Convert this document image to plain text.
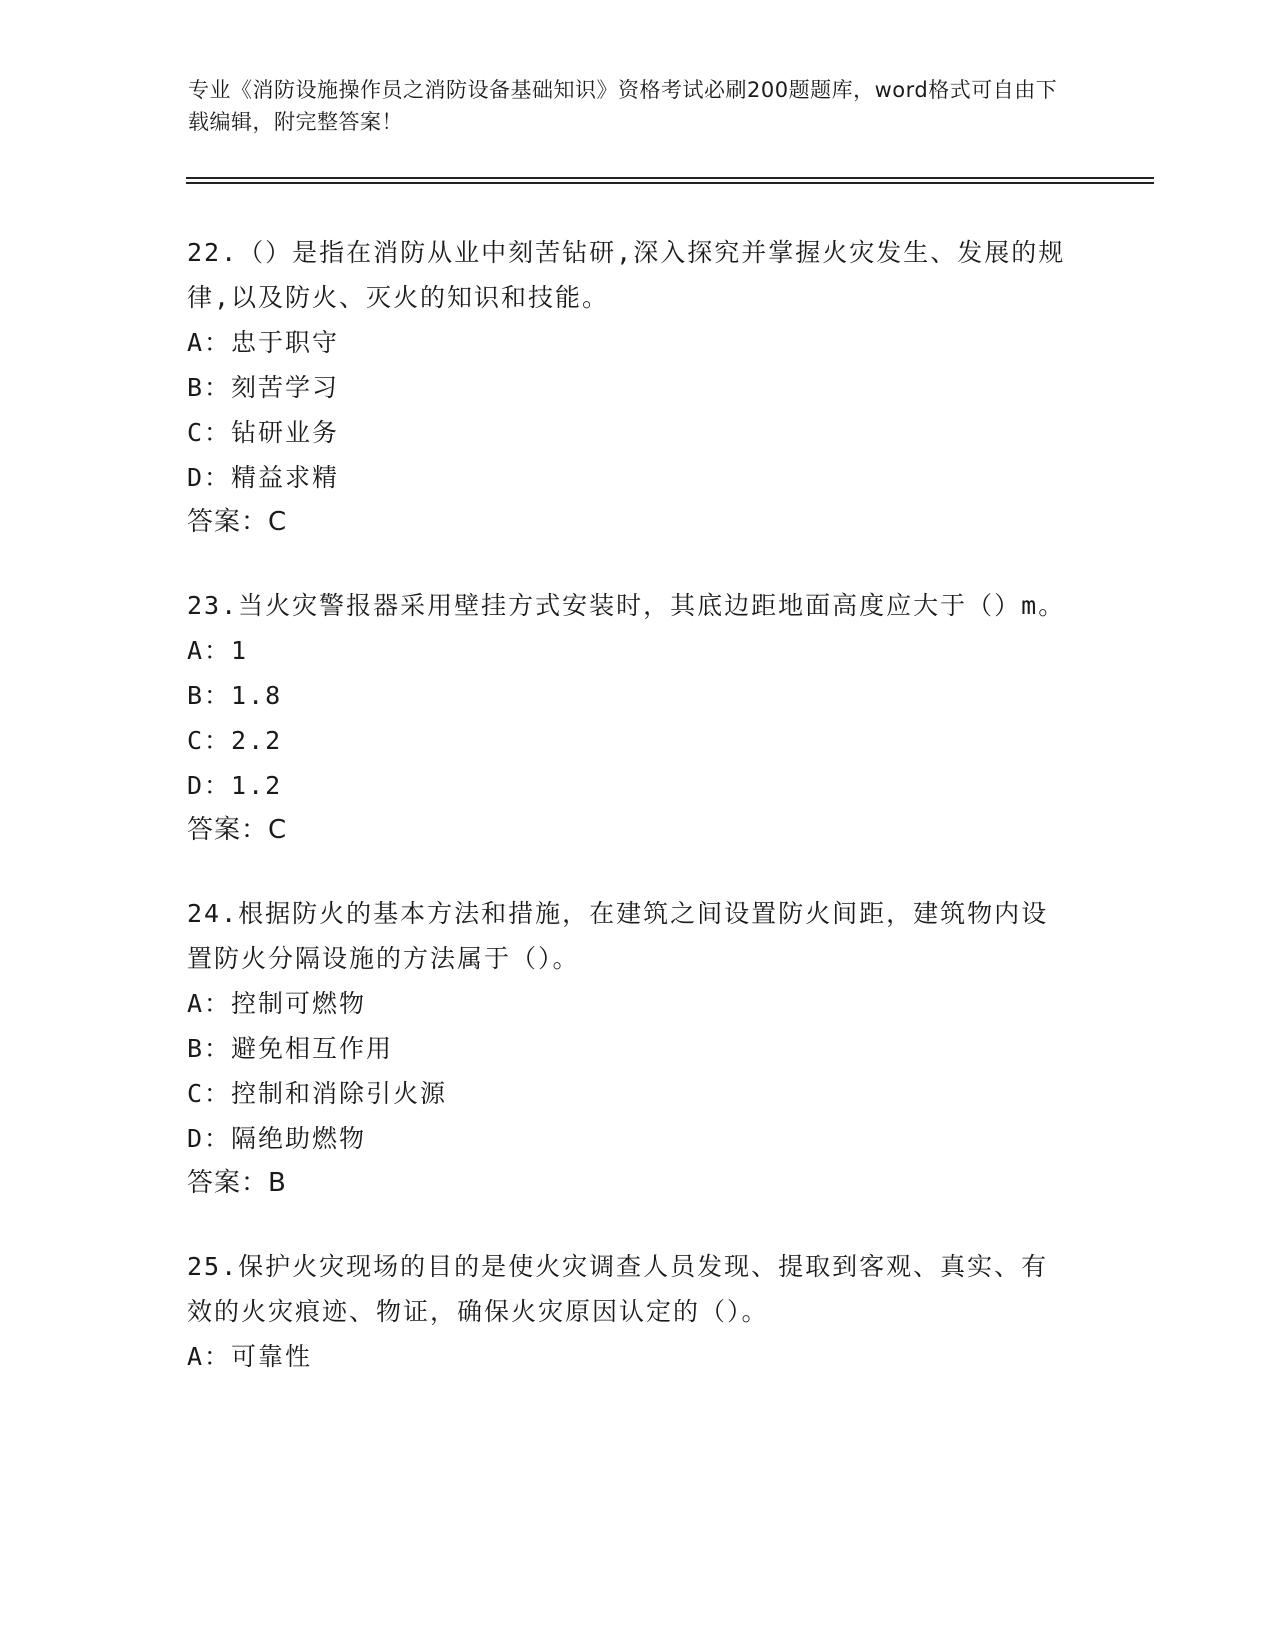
专业《消防设施操作员之消防设备基础知识》资格考试必刷200题题库，word格式可自由下载编辑，附完整答案！

22.（）是指在消防从业中刻苦钻研,深入探究并掌握火灾发生、发展的规律,以及防火、灭火的知识和技能。

A：忠于职守

B：刻苦学习

C：钻研业务

D：精益求精

答案：C

23.当火灾警报器采用壁挂方式安装时，其底边距地面高度应大于（）m。

A：1

B：1.8

C：2.2

D：1.2

答案：C

24.根据防火的基本方法和措施，在建筑之间设置防火间距，建筑物内设置防火分隔设施的方法属于（）。

A：控制可燃物

B：避免相互作用

C：控制和消除引火源

D：隔绝助燃物

答案：B

25.保护火灾现场的目的是使火灾调查人员发现、提取到客观、真实、有效的火灾痕迹、物证，确保火灾原因认定的（）。

A：可靠性
